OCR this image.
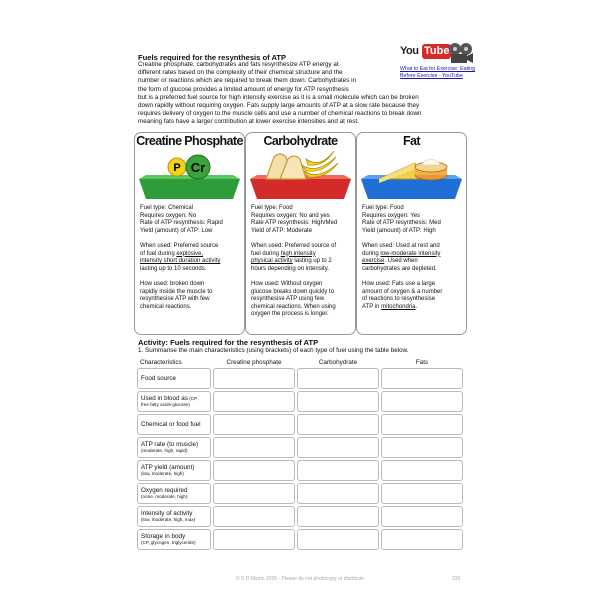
Fuels required for the resynthesis of ATP
Creatine phosphate, carbohydrates and fats resynthesize ATP energy at
different rates based on the complexity of their chemical structure and the
number or reactions which are required to break them down. Carbohydrates in
the form of glucose provides a limited amount of energy for ATP resynthesis
but is a preferred fuel source for high intensity exercise as it is a small molecule which can be broken
down rapidly without requiring oxygen. Fats supply large amounts of ATP at a slow rate because they
requires delivery of oxygen to the muscle cells and use a number of chemical reactions to break down
meaning fats have a larger contribution at lower exercise intensities and at rest.
You Tube
What to Eat for Exercise: Eating Before Exercise - YouTube
Creatine Phosphate
P Cr

Fuel type: Chemical
Requires oxygen: No
Rate of ATP resynthesis: Rapid
Yield (amount) of ATP: Low

When used: Preferred source
of fuel during explosive,
intensity short duration activity
lasting up to 10 seconds.

How used: broken down
rapidly inside the muscle to
resynthesise ATP with few
chemical reactions.

Carbohydrate

Fuel type: Food
Requires oxygen: No and yes
Rate ATP resynthesis: High/Med
Yield of ATP: Moderate

When used: Preferred source of
fuel during high intensity
physical activity lasting up to 2
hours depending on intensity.

How used: Without oxygen
glucose breaks down quickly to
resynthesise ATP using few
chemical reactions. When using
oxygen the process is longer.

Fat

Fuel type: Food
Requires oxygen: Yes
Rate of ATP resynthesis: Med
Yield (amount) of ATP: High

When used: Used at rest and
during low-moderate intensity
exercise. Used when
carbohydrates are depleted.

How used: Fats use a large
amount of oxygen & a number
of reactions to resynthesise
ATP in mitochondria.

Activity: Fuels required for the resynthesis of ATP
1. Summarise the main characteristics (using brackets) of each type of fuel using the table below.
Characteristics	Creatine phosphate	Carbohydrate	Fats
Food source			
Used in blood as (CP,
free fatty acids-glucose)			

Chemical or food fuel			
ATP rate (to muscle)
(moderate, high, rapid)			

ATP yield (amount)
(low, moderate, high)			

Oxygen required
(none, moderate, high)			

Intensity of activity
(low, moderate, high, max)			

Storage in body
(CP, glycogen, triglyceride)			

© S D Martin 2026 - Please do not photocopy or distribute	229
